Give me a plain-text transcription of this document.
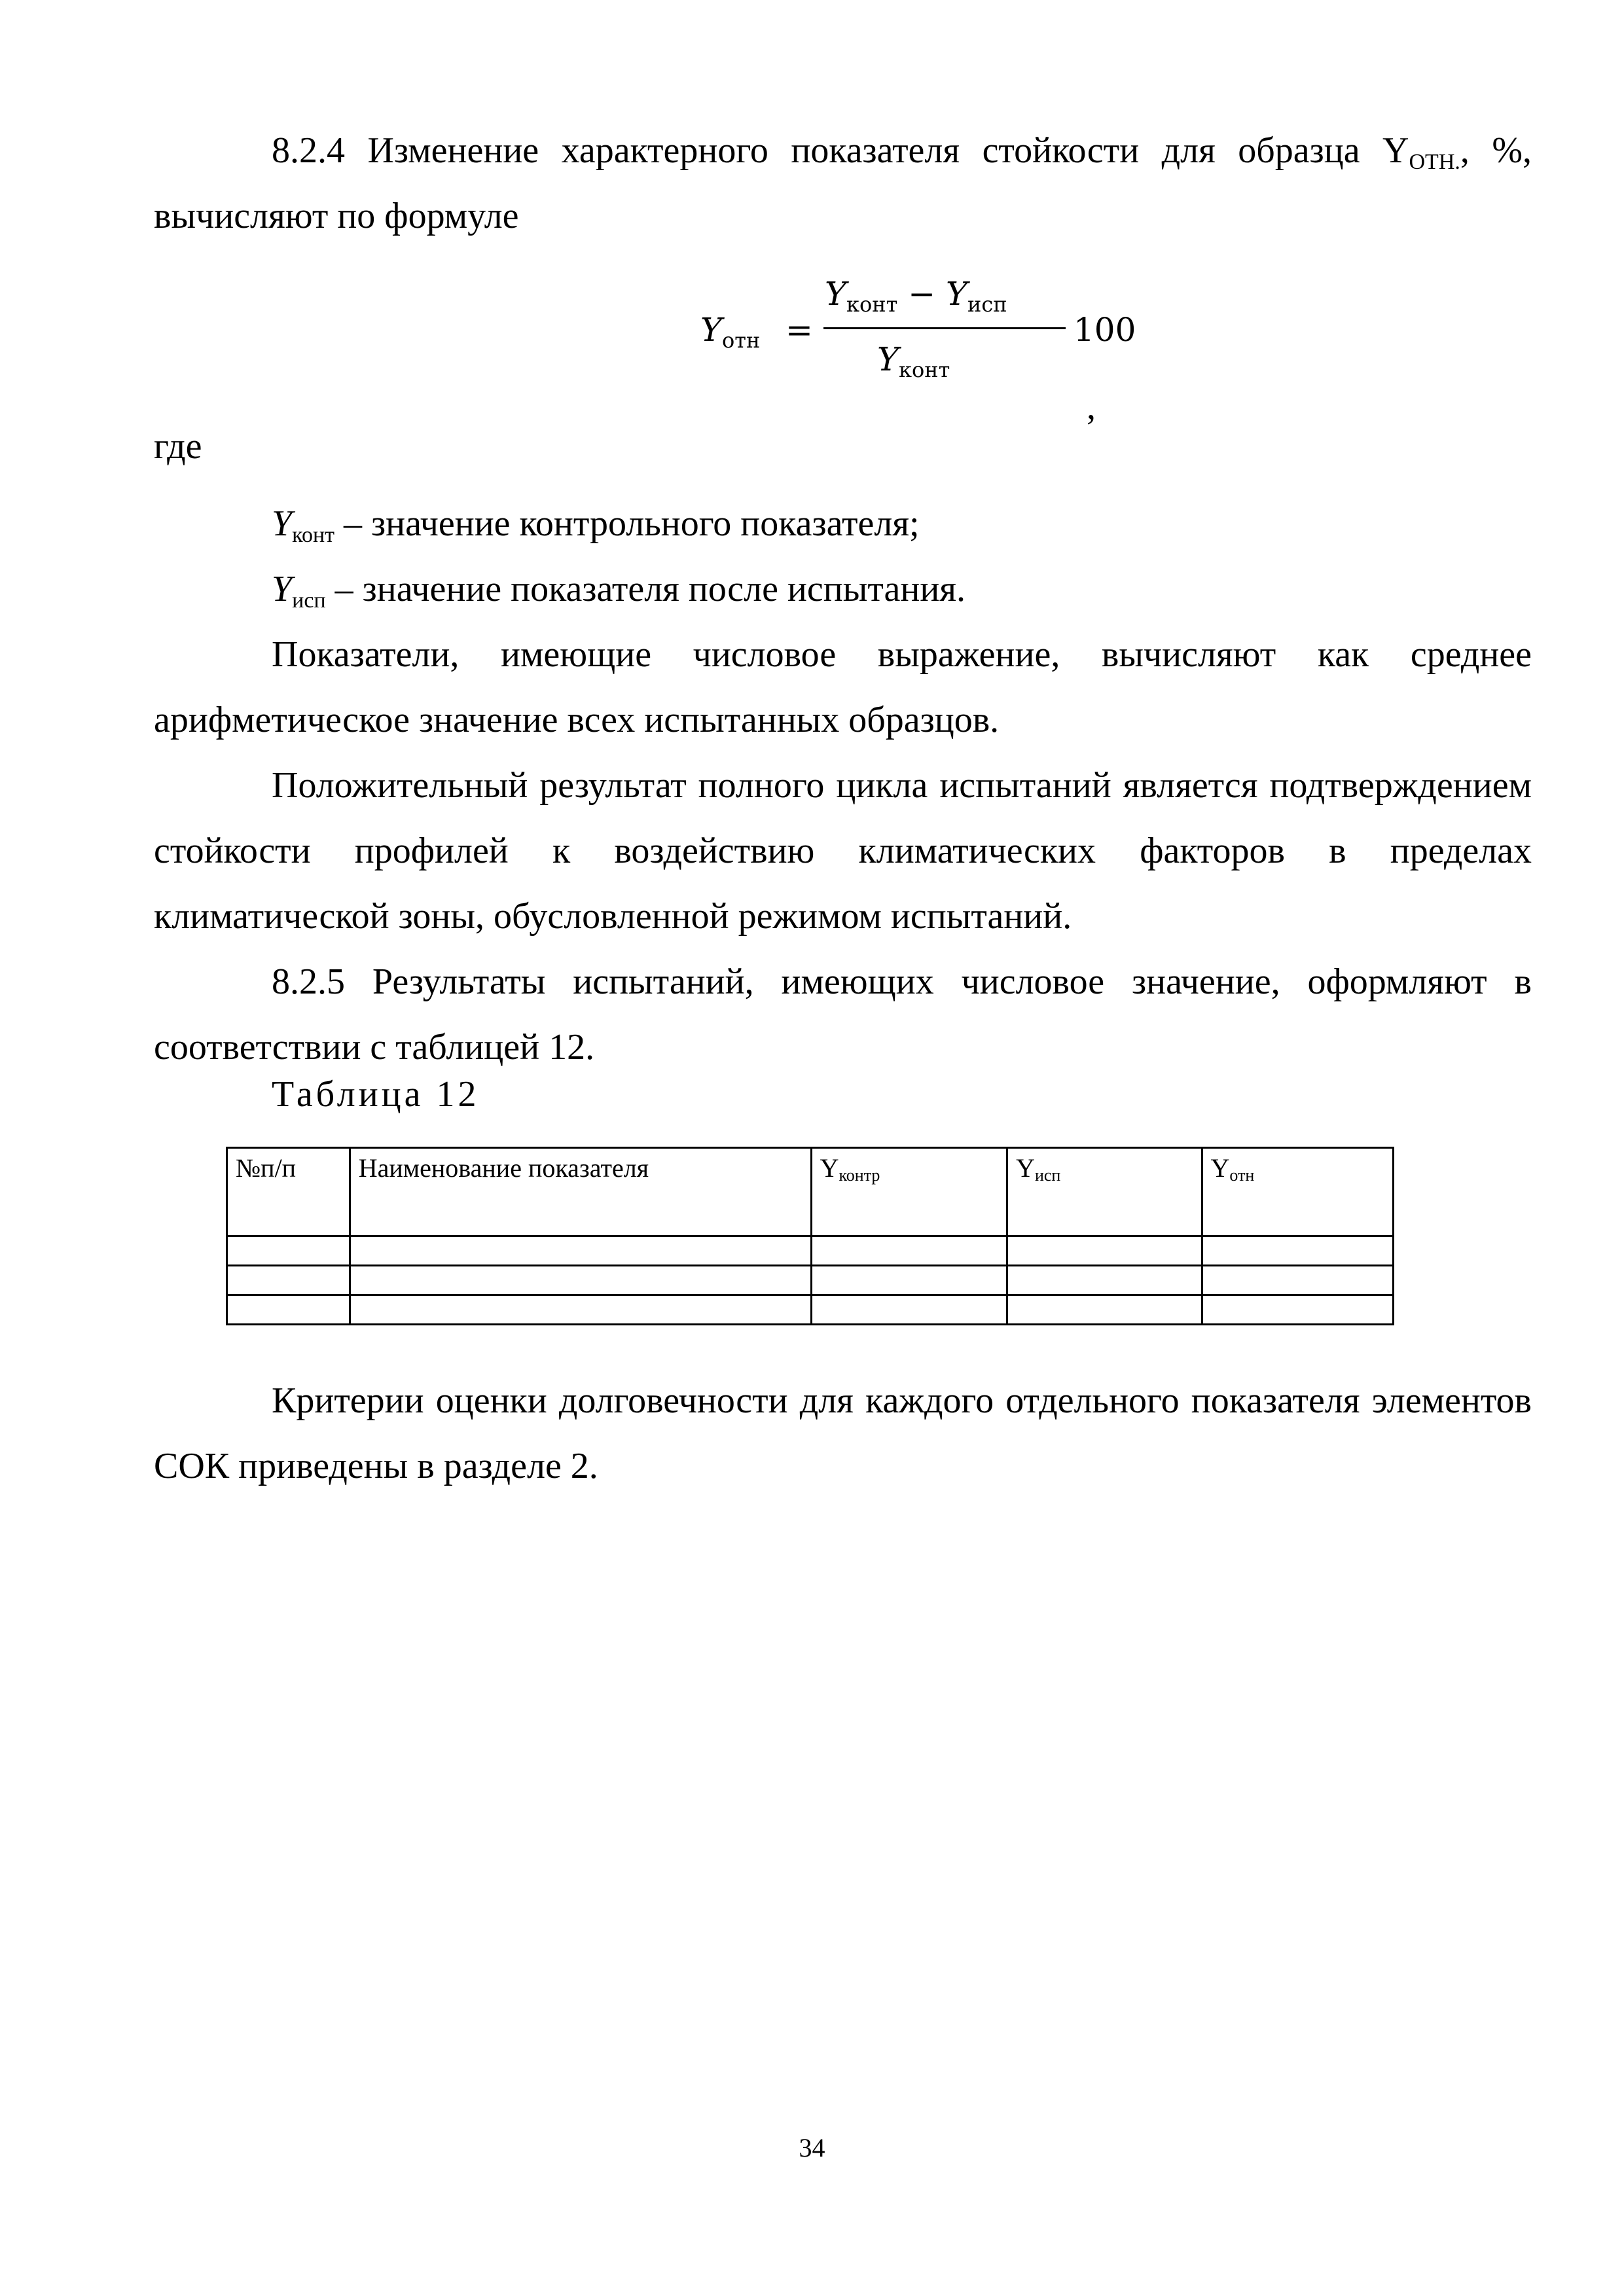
8.2.4 Изменение характерного показателя стойкости для образца $Y_{OTH.}$, %, вычисляют по формуле
$Y_{отн}$ =
$Y_{конт} - Y_{исп}$
$Y_{конт}$
100
,
где
$Y_{конт}$ – значение контрольного показателя;
$Y_{исп}$ – значение показателя после испытания.
Показатели, имеющие числовое выражение, вычисляют как среднее арифметическое значение всех испытанных образцов.
Положительный результат полного цикла испытаний является подтверждением стойкости профилей к воздействию климатических факторов в пределах климатической зоны, обусловленной режимом испытаний.
8.2.5 Результаты испытаний, имеющих числовое значение, оформляют в соответствии с таблицей 12.
Таблица 12
№п/п	Наименование показателя	$Y_{контр}$	$Y_{исп}$	$Y_{отн}$

Критерии оценки долговечности для каждого отдельного показателя элементов СОК приведены в разделе 2.
34
